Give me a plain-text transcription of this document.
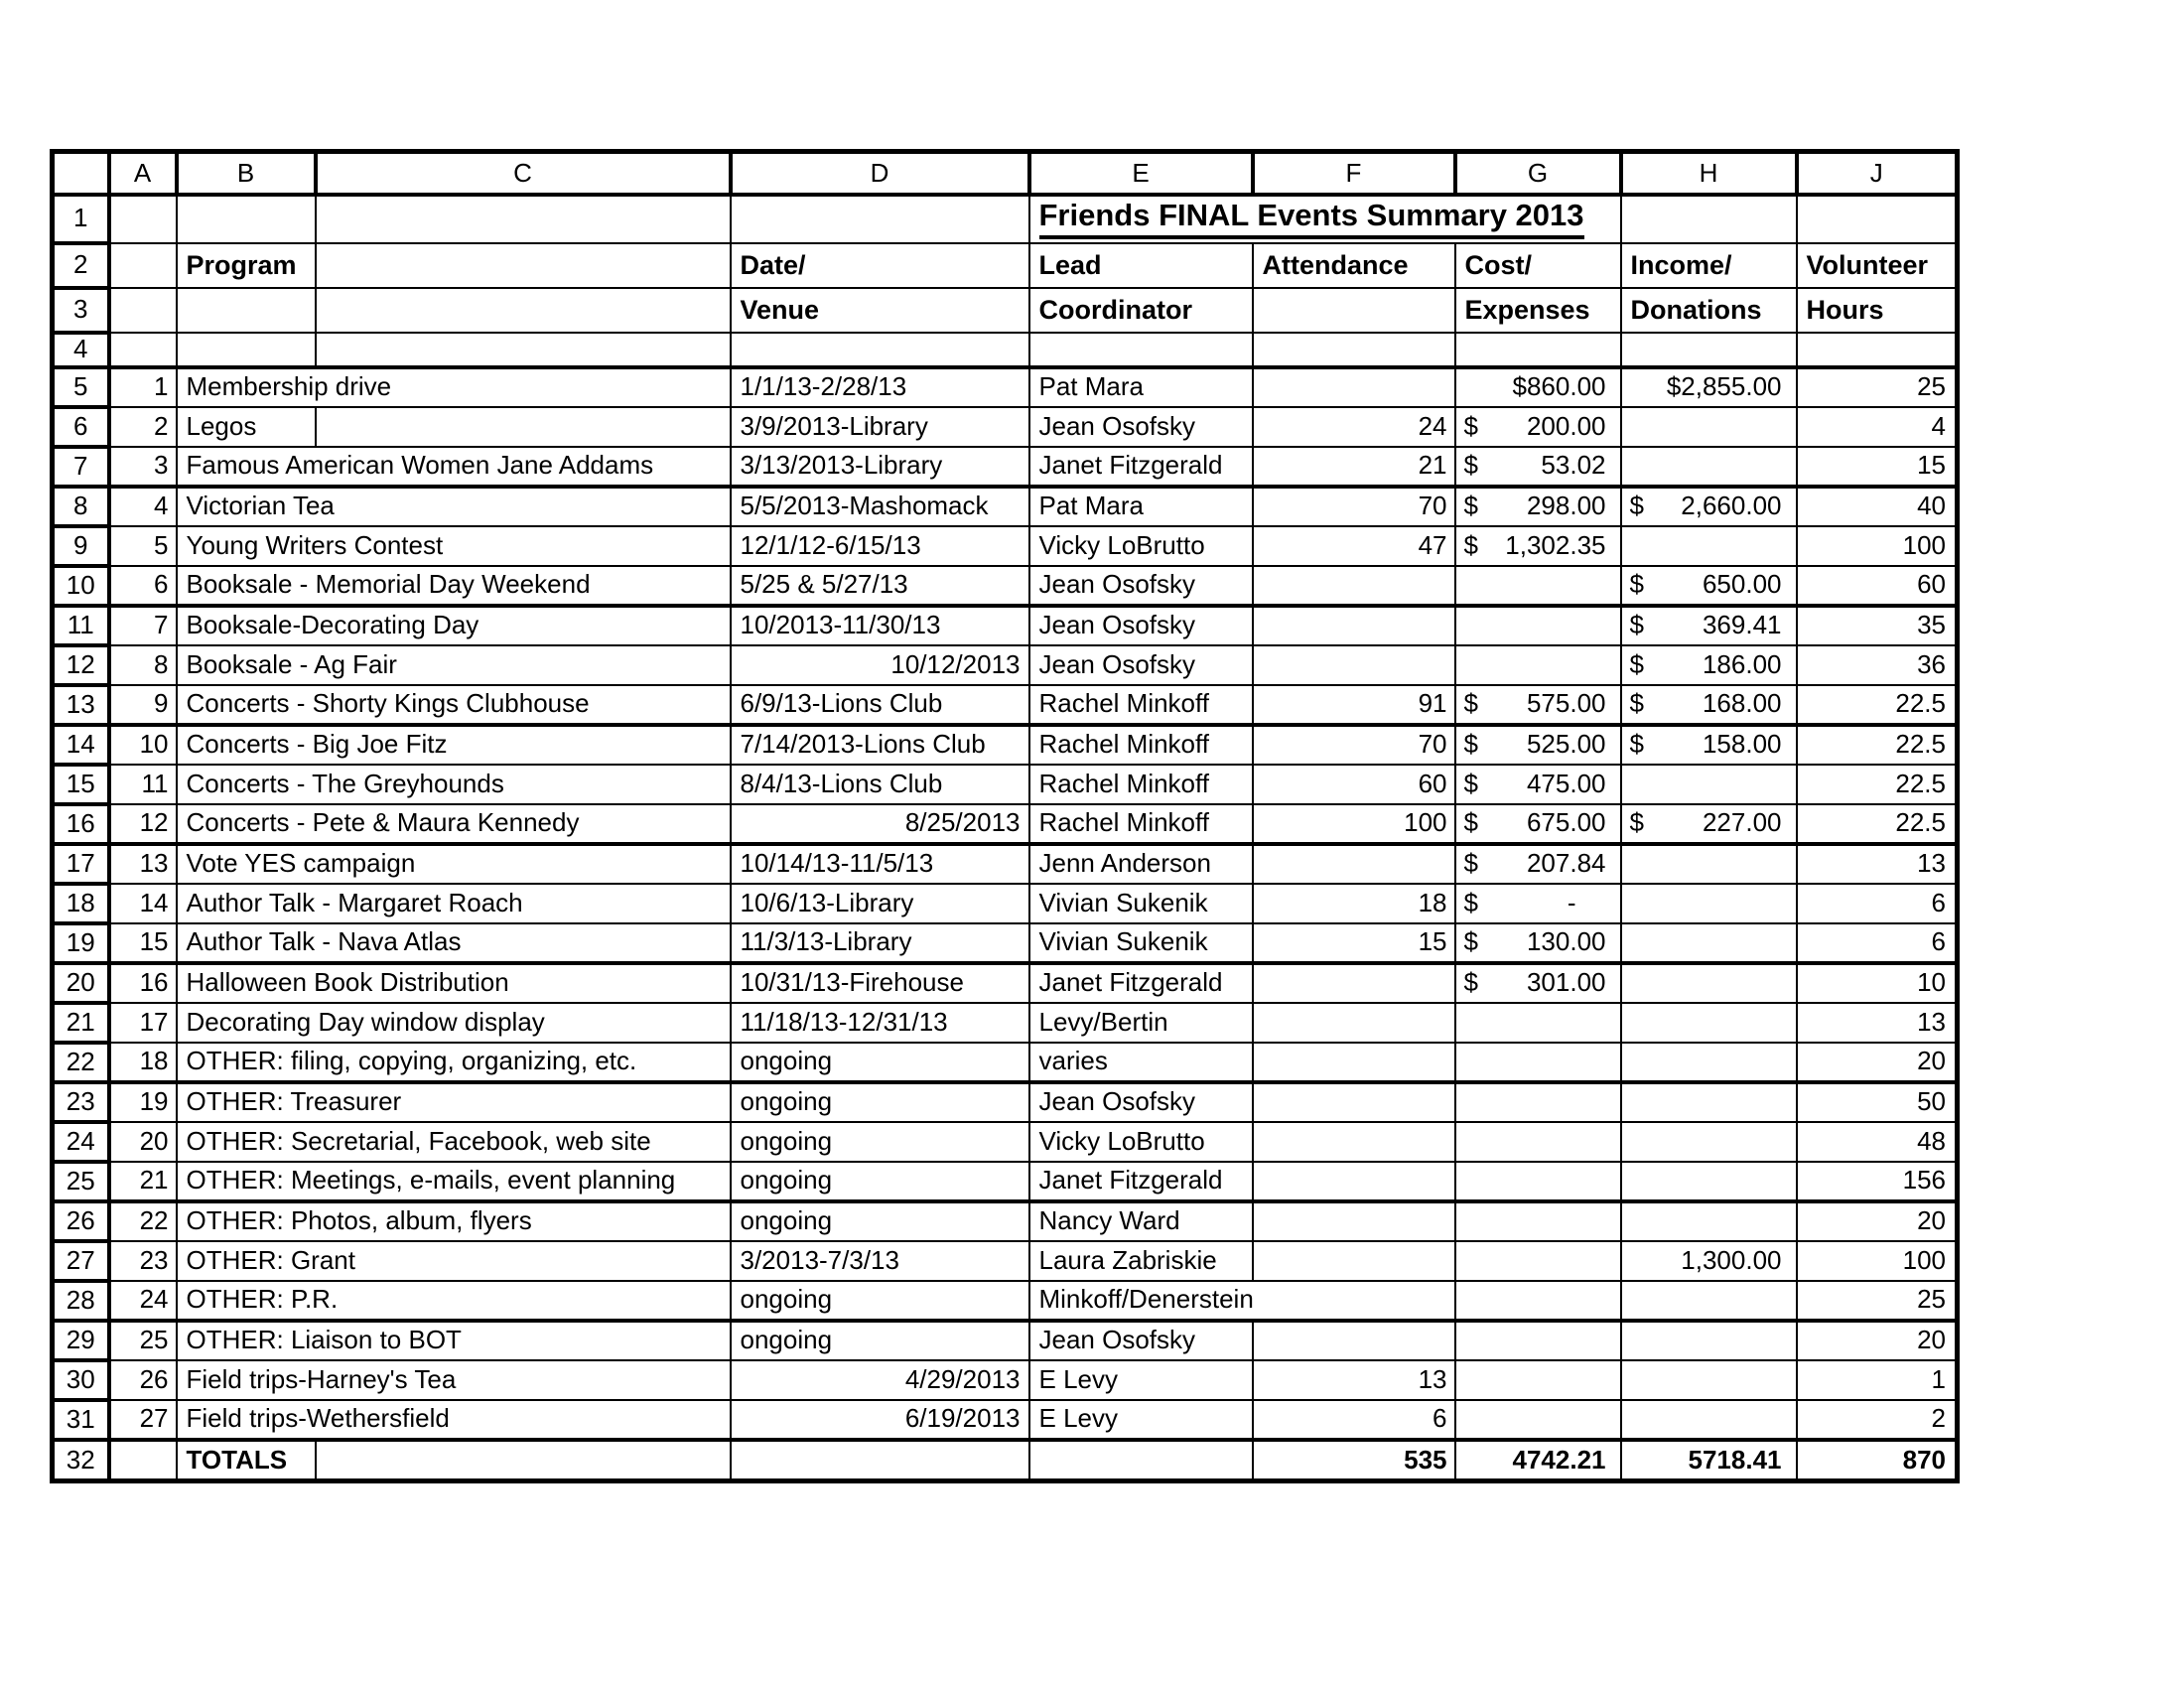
	A	B	C	D	E	F	G	H	J
1					Friends FINAL Events Summary 2013				
2		Program		Date/	Lead	Attendance	Cost/	Income/	Volunteer
3				Venue	Coordinator		Expenses	Donations	Hours
4									
5	1	Membership drive		1/1/13-2/28/13	Pat Mara		$860.00	$2,855.00	25
6	2	Legos		3/9/2013-Library	Jean Osofsky	24	$ 200.00		4
7	3	Famous American Women Jane Addams		3/13/2013-Library	Janet Fitzgerald	21	$ 53.02		15
8	4	Victorian Tea		5/5/2013-Mashomack	Pat Mara	70	$ 298.00	$ 2,660.00	40
9	5	Young Writers Contest		12/1/12-6/15/13	Vicky LoBrutto	47	$ 1,302.35		100
10	6	Booksale - Memorial Day Weekend		5/25 & 5/27/13	Jean Osofsky			$ 650.00	60
11	7	Booksale-Decorating Day		10/2013-11/30/13	Jean Osofsky			$ 369.41	35
12	8	Booksale - Ag Fair		10/12/2013	Jean Osofsky			$ 186.00	36
13	9	Concerts - Shorty Kings Clubhouse		6/9/13-Lions Club	Rachel Minkoff	91	$ 575.00	$ 168.00	22.5
14	10	Concerts - Big Joe Fitz		7/14/2013-Lions Club	Rachel Minkoff	70	$ 525.00	$ 158.00	22.5
15	11	Concerts - The Greyhounds		8/4/13-Lions Club	Rachel Minkoff	60	$ 475.00		22.5
16	12	Concerts - Pete & Maura Kennedy		8/25/2013	Rachel Minkoff	100	$ 675.00	$ 227.00	22.5
17	13	Vote YES campaign		10/14/13-11/5/13	Jenn Anderson		$ 207.84		13
18	14	Author Talk - Margaret Roach		10/6/13-Library	Vivian Sukenik	18	$ -		6
19	15	Author Talk - Nava Atlas		11/3/13-Library	Vivian Sukenik	15	$ 130.00		6
20	16	Halloween Book Distribution		10/31/13-Firehouse	Janet Fitzgerald		$ 301.00		10
21	17	Decorating Day window display		11/18/13-12/31/13	Levy/Bertin				13
22	18	OTHER: filing, copying, organizing, etc.		ongoing	varies				20
23	19	OTHER: Treasurer		ongoing	Jean Osofsky				50
24	20	OTHER: Secretarial, Facebook, web site		ongoing	Vicky LoBrutto				48
25	21	OTHER: Meetings, e-mails, event planning		ongoing	Janet Fitzgerald				156
26	22	OTHER: Photos, album, flyers		ongoing	Nancy Ward				20
27	23	OTHER: Grant		3/2013-7/3/13	Laura Zabriskie			1,300.00	100
28	24	OTHER: P.R.		ongoing	Minkoff/Denerstein				25
29	25	OTHER: Liaison to BOT		ongoing	Jean Osofsky				20
30	26	Field trips-Harney's Tea		4/29/2013	E Levy	13			1
31	27	Field trips-Wethersfield		6/19/2013	E Levy	6			2
32		TOTALS				535	4742.21	5718.41	870
